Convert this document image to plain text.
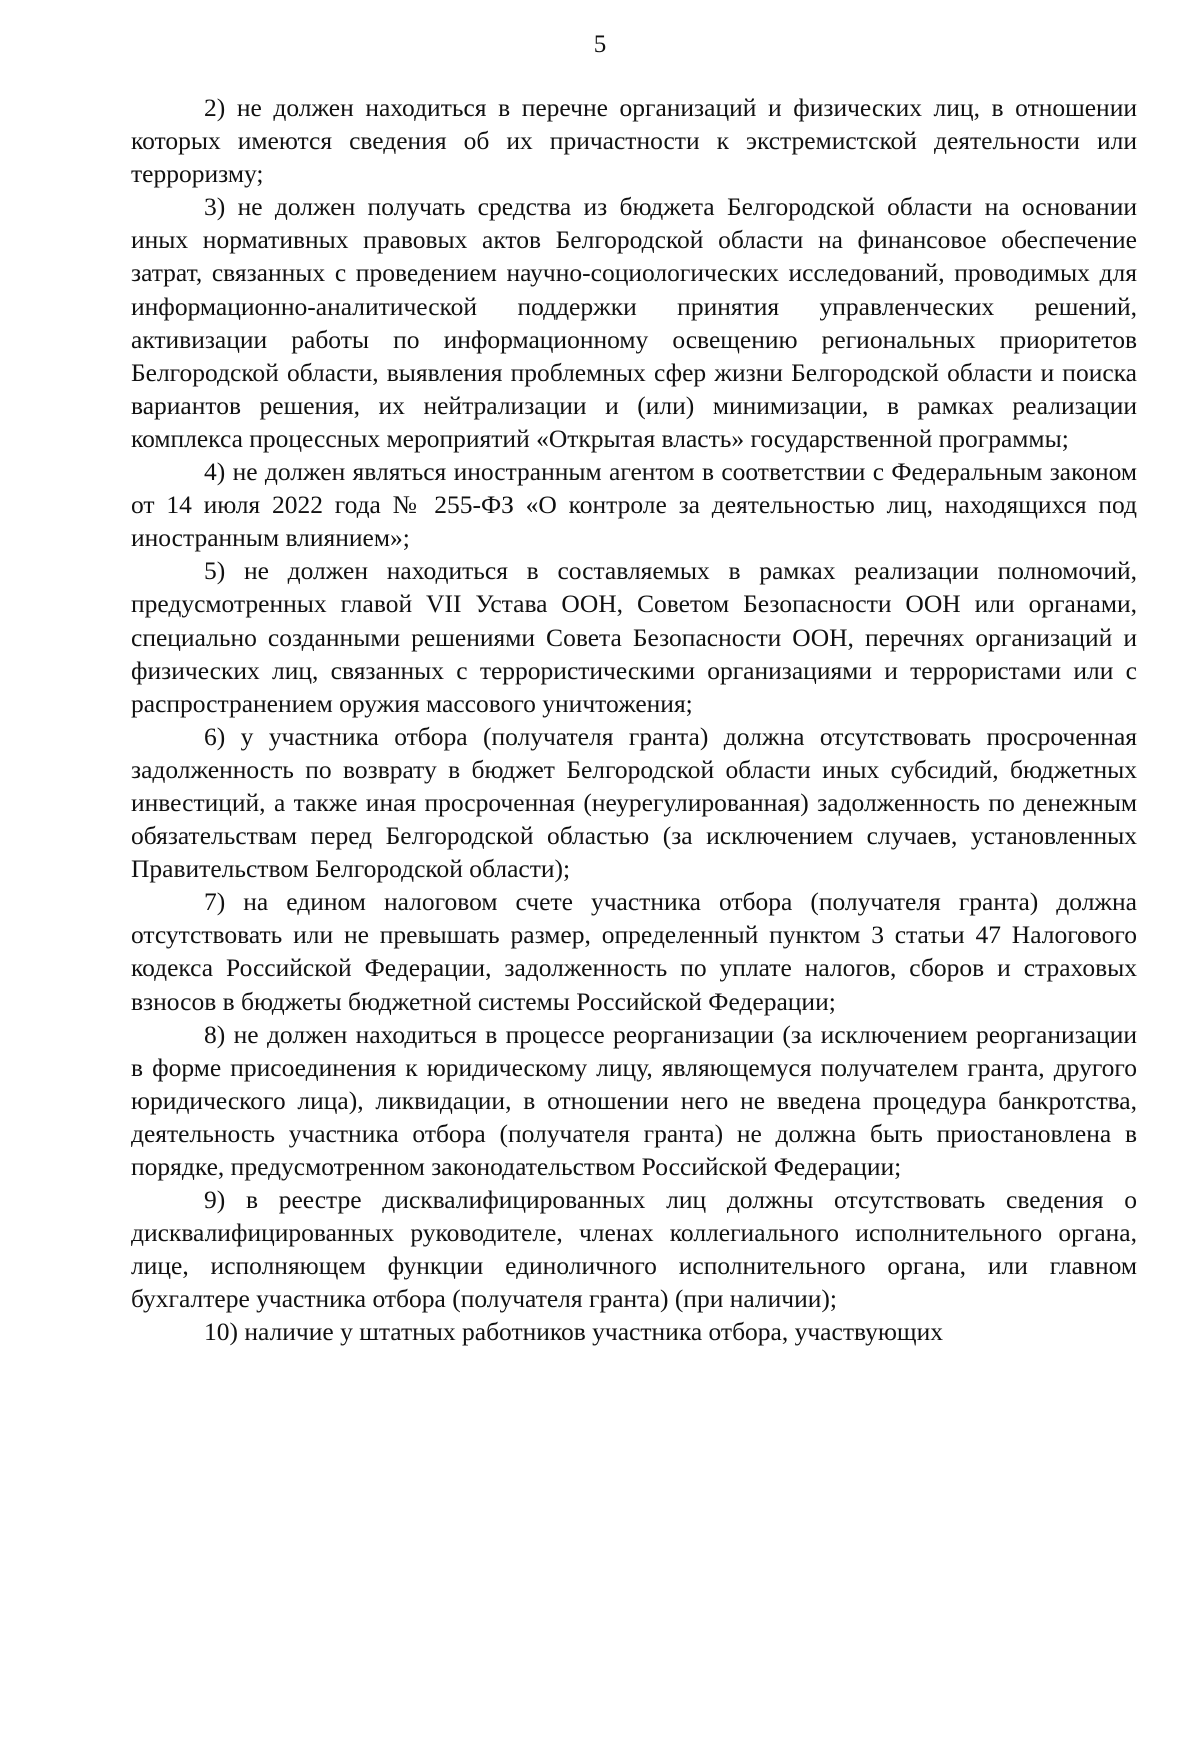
5

2) не должен находиться в перечне организаций и физических лиц, в отношении которых имеются сведения об их причастности к экстремистской деятельности или терроризму;

3) не должен получать средства из бюджета Белгородской области на основании иных нормативных правовых актов Белгородской области на финансовое обеспечение затрат, связанных с проведением научно-социологических исследований, проводимых для информационно-аналитической поддержки принятия управленческих решений, активизации работы по информационному освещению региональных приоритетов Белгородской области, выявления проблемных сфер жизни Белгородской области и поиска вариантов решения, их нейтрализации и (или) минимизации, в рамках реализации комплекса процессных мероприятий «Открытая власть» государственной программы;

4) не должен являться иностранным агентом в соответствии с Федеральным законом от 14 июля 2022 года № 255-ФЗ «О контроле за деятельностью лиц, находящихся под иностранным влиянием»;

5) не должен находиться в составляемых в рамках реализации полномочий, предусмотренных главой VII Устава ООН, Советом Безопасности ООН или органами, специально созданными решениями Совета Безопасности ООН, перечнях организаций и физических лиц, связанных с террористическими организациями и террористами или с распространением оружия массового уничтожения;

6) у участника отбора (получателя гранта) должна отсутствовать просроченная задолженность по возврату в бюджет Белгородской области иных субсидий, бюджетных инвестиций, а также иная просроченная (неурегулированная) задолженность по денежным обязательствам перед Белгородской областью (за исключением случаев, установленных Правительством Белгородской области);

7) на едином налоговом счете участника отбора (получателя гранта) должна отсутствовать или не превышать размер, определенный пунктом 3 статьи 47 Налогового кодекса Российской Федерации, задолженность по уплате налогов, сборов и страховых взносов в бюджеты бюджетной системы Российской Федерации;

8) не должен находиться в процессе реорганизации (за исключением реорганизации в форме присоединения к юридическому лицу, являющемуся получателем гранта, другого юридического лица), ликвидации, в отношении него не введена процедура банкротства, деятельность участника отбора (получателя гранта) не должна быть приостановлена в порядке, предусмотренном законодательством Российской Федерации;

9) в реестре дисквалифицированных лиц должны отсутствовать сведения о дисквалифицированных руководителе, членах коллегиального исполнительного органа, лице, исполняющем функции единоличного исполнительного органа, или главном бухгалтере участника отбора (получателя гранта) (при наличии);

10) наличие у штатных работников участника отбора, участвующих
